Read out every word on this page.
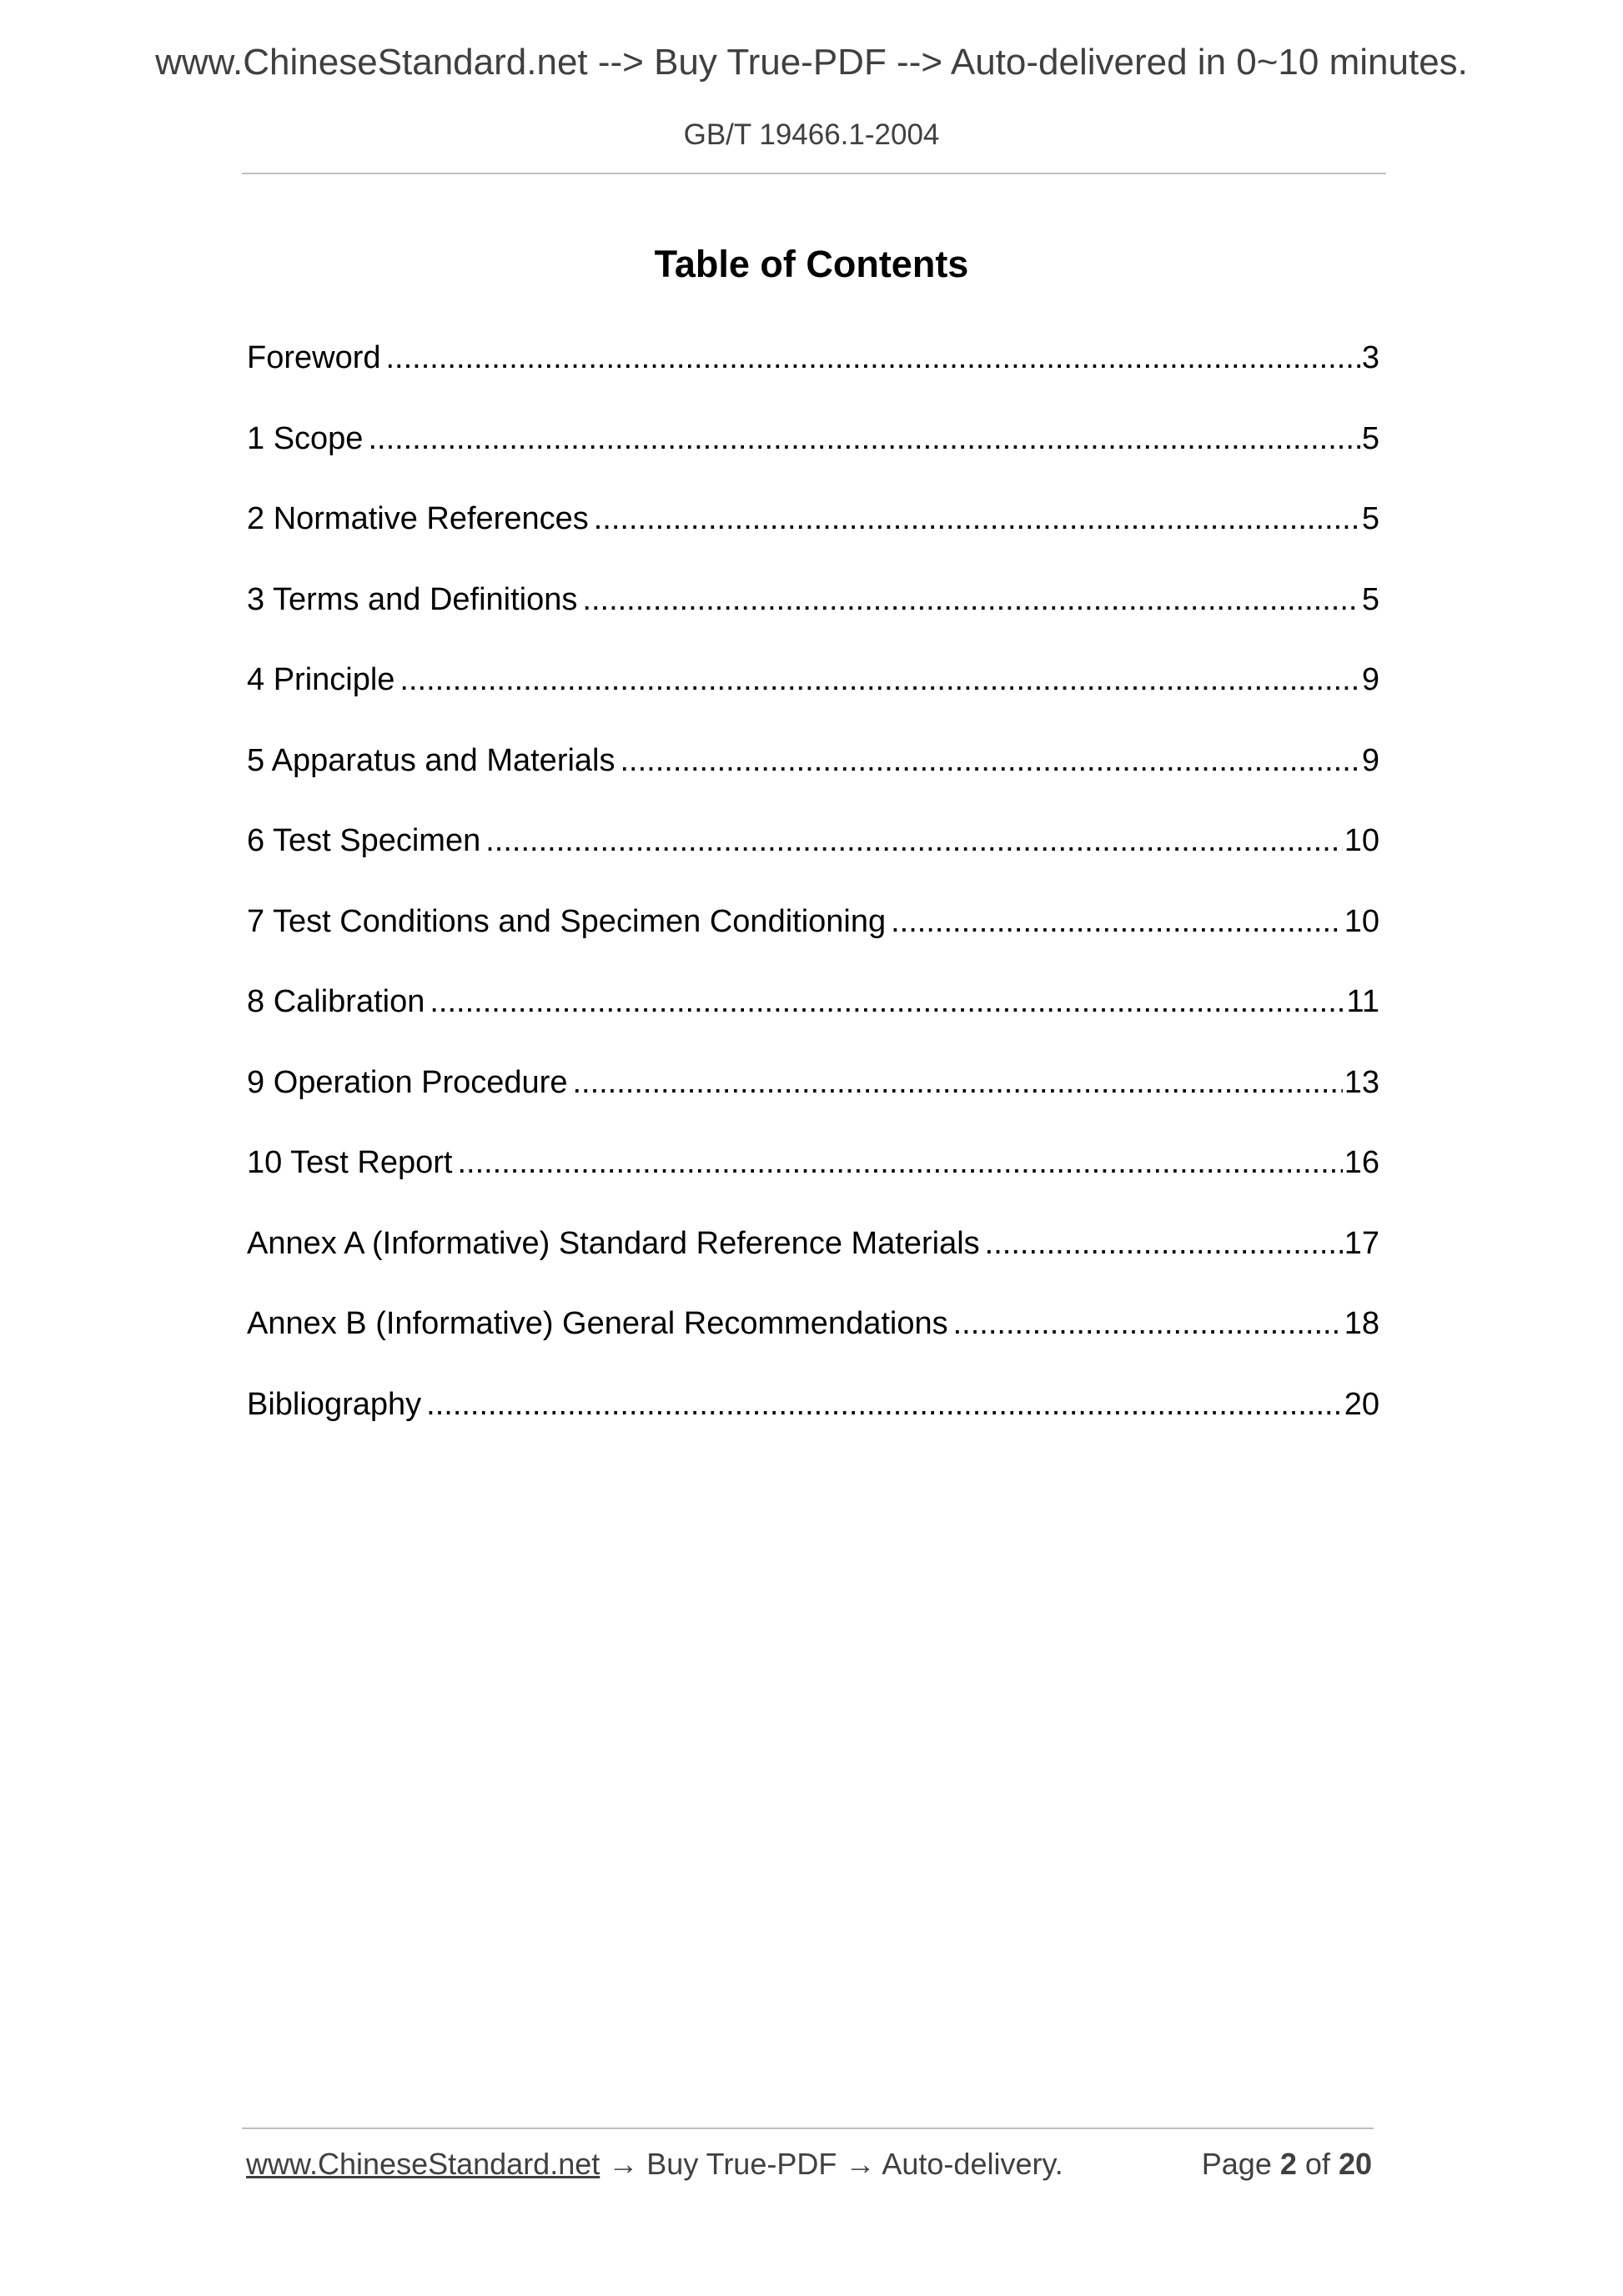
www.ChineseStandard.net --> Buy True-PDF --> Auto-delivered in 0~10 minutes.
GB/T 19466.1-2004
Table of Contents
Foreword .....	3
1 Scope .....	5
2 Normative References .....	5
3 Terms and Definitions .....	5
4 Principle .....	9
5 Apparatus and Materials .....	9
6 Test Specimen .....	10
7 Test Conditions and Specimen Conditioning .....	10
8 Calibration .....	11
9 Operation Procedure .....	13
10 Test Report .....	16
Annex A (Informative) Standard Reference Materials .....	17
Annex B (Informative) General Recommendations .....	18
Bibliography .....	20
www.ChineseStandard.net → Buy True-PDF → Auto-delivery.	Page 2 of 20
